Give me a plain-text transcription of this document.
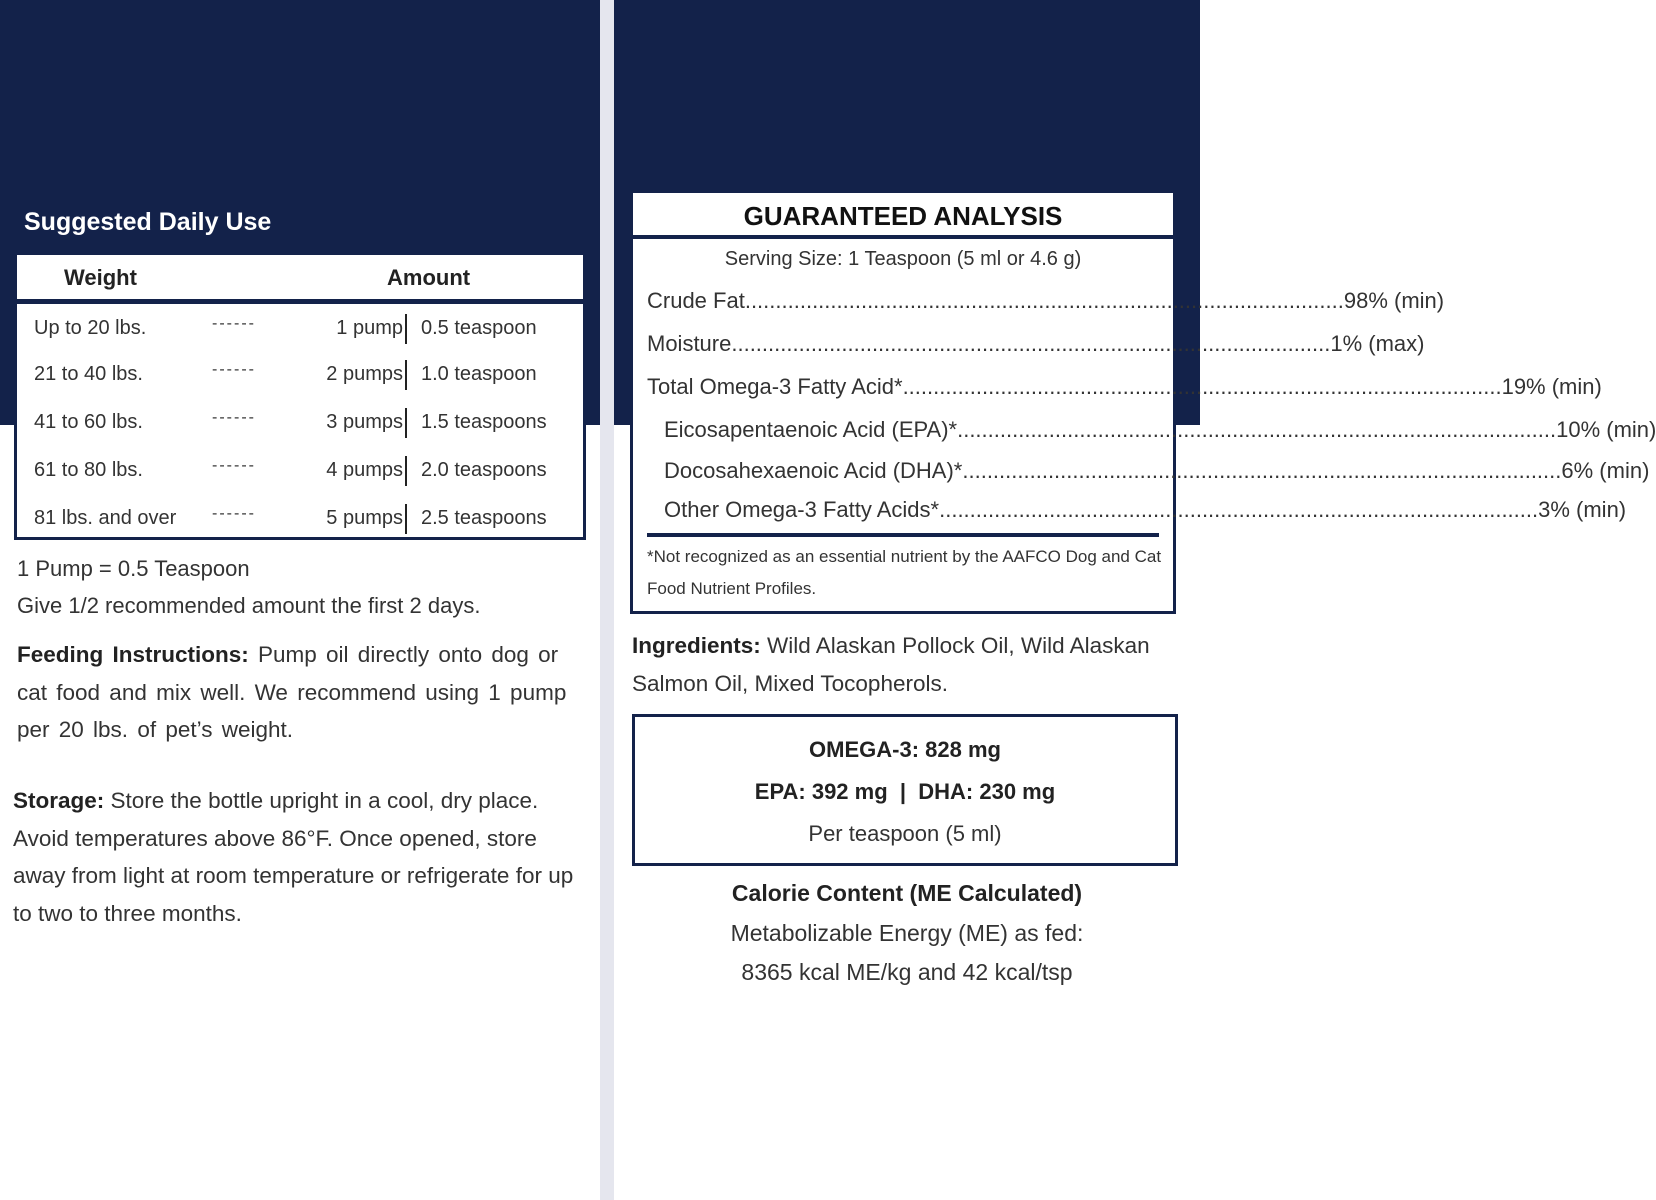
Suggested Daily Use
Weight	Amount
Up to 20 lbs.	------	1 pump 0.5 teaspoon
21 to 40 lbs.	------	2 pumps 1.0 teaspoon
41 to 60 lbs.	------	3 pumps 1.5 teaspoons
61 to 80 lbs.	------	4 pumps 2.0 teaspoons
81 lbs. and over ------	5 pumps 2.5 teaspoons
1 Pump = 0.5 Teaspoon
Give 1/2 recommended amount the first 2 days.
Feeding Instructions: Pump oil directly onto dog or cat food and mix well. We recommend using 1 pump per 20 lbs. of pet’s weight.
Storage: Store the bottle upright in a cool, dry place. Avoid temperatures above 86°F. Once opened, store away from light at room temperature or refrigerate for up to two to three months.
GUARANTEED ANALYSIS
Serving Size: 1 Teaspoon (5 ml or 4.6 g)
Crude Fat .................................................................................................. 98% (min)
Moisture .................................................................................................. 1% (max)
Total Omega-3 Fatty Acid* .................................................................................................. 19% (min)
Eicosapentaenoic Acid (EPA)* .................................................................................................. 10% (min)
Docosahexaenoic Acid (DHA)* .................................................................................................. 6% (min)
Other Omega-3 Fatty Acids* .................................................................................................. 3% (min)
*Not recognized as an essential nutrient by the AAFCO Dog and Cat Food Nutrient Profiles.
Ingredients: Wild Alaskan Pollock Oil, Wild Alaskan Salmon Oil, Mixed Tocopherols.
OMEGA-3: 828 mg
EPA: 392 mg  |  DHA: 230 mg
Per teaspoon (5 ml)
Calorie Content (ME Calculated)
Metabolizable Energy (ME) as fed:
8365 kcal ME/kg and 42 kcal/tsp
